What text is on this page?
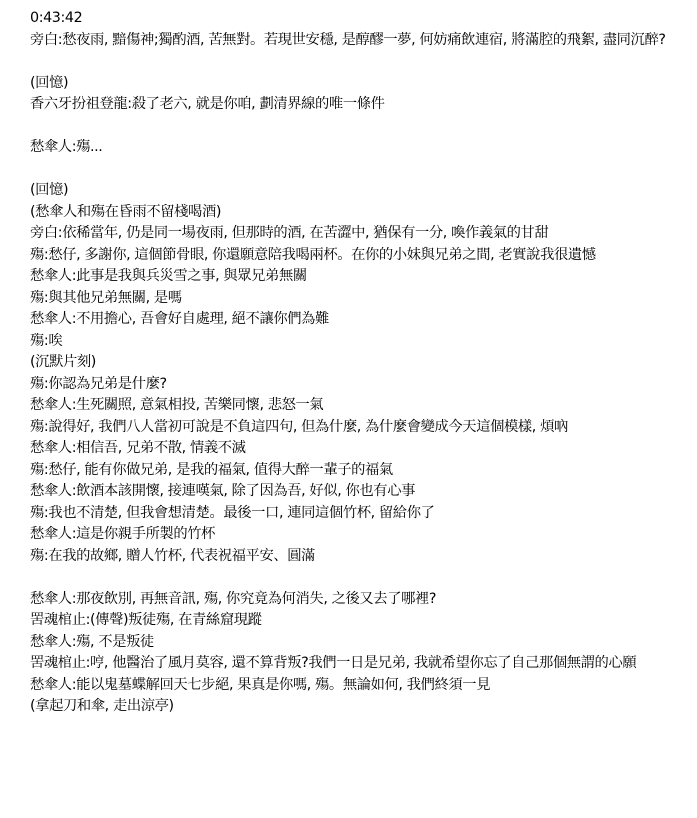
0:43:42
旁白:愁夜雨, 黯傷神;獨酌酒, 苦無對。若現世安穩, 是醇醪一夢, 何妨痛飲連宿, 將滿腔的飛絮, 盡同沉醉?
(回憶)
香六牙扮祖登龍:殺了老六, 就是你咱, 劃清界線的唯一條件
愁傘人:殤...
(回憶)
(愁傘人和殤在昏雨不留棧喝酒)
旁白:依稀當年, 仍是同一場夜雨, 但那時的酒, 在苦澀中, 猶保有一分, 喚作義氣的甘甜
殤:愁仔, 多謝你, 這個節骨眼, 你還願意陪我喝兩杯。在你的小妹與兄弟之間, 老實說我很遺憾
愁傘人:此事是我與兵災雪之事, 與眾兄弟無關
殤:與其他兄弟無關, 是嗎
愁傘人:不用擔心, 吾會好自處理, 絕不讓你們為難
殤:唉
(沉默片刻)
殤:你認為兄弟是什麼?
愁傘人:生死關照, 意氣相投, 苦樂同懷, 悲怒一氣
殤:說得好, 我們八人當初可說是不負這四句, 但為什麼, 為什麼會變成今天這個模樣, 煩吶
愁傘人:相信吾, 兄弟不散, 情義不滅
殤:愁仔, 能有你做兄弟, 是我的福氣, 值得大醉一輩子的福氣
愁傘人:飲酒本該開懷, 接連嘆氣, 除了因為吾, 好似, 你也有心事
殤:我也不清楚, 但我會想清楚。最後一口, 連同這個竹杯, 留給你了
愁傘人:這是你親手所製的竹杯
殤:在我的故鄉, 贈人竹杯, 代表祝福平安、圓滿
愁傘人:那夜飲別, 再無音訊, 殤, 你究竟為何消失, 之後又去了哪裡?
罟魂棺止:(傳聲)叛徒殤, 在青絲窟現蹤
愁傘人:殤, 不是叛徒
罟魂棺止:哼, 他醫治了風月莫容, 還不算背叛?我們一日是兄弟, 我就希望你忘了自己那個無謂的心願
愁傘人:能以鬼墓蝶解回天七步絕, 果真是你嗎, 殤。無論如何, 我們終須一見
(拿起刀和傘, 走出涼亭)
